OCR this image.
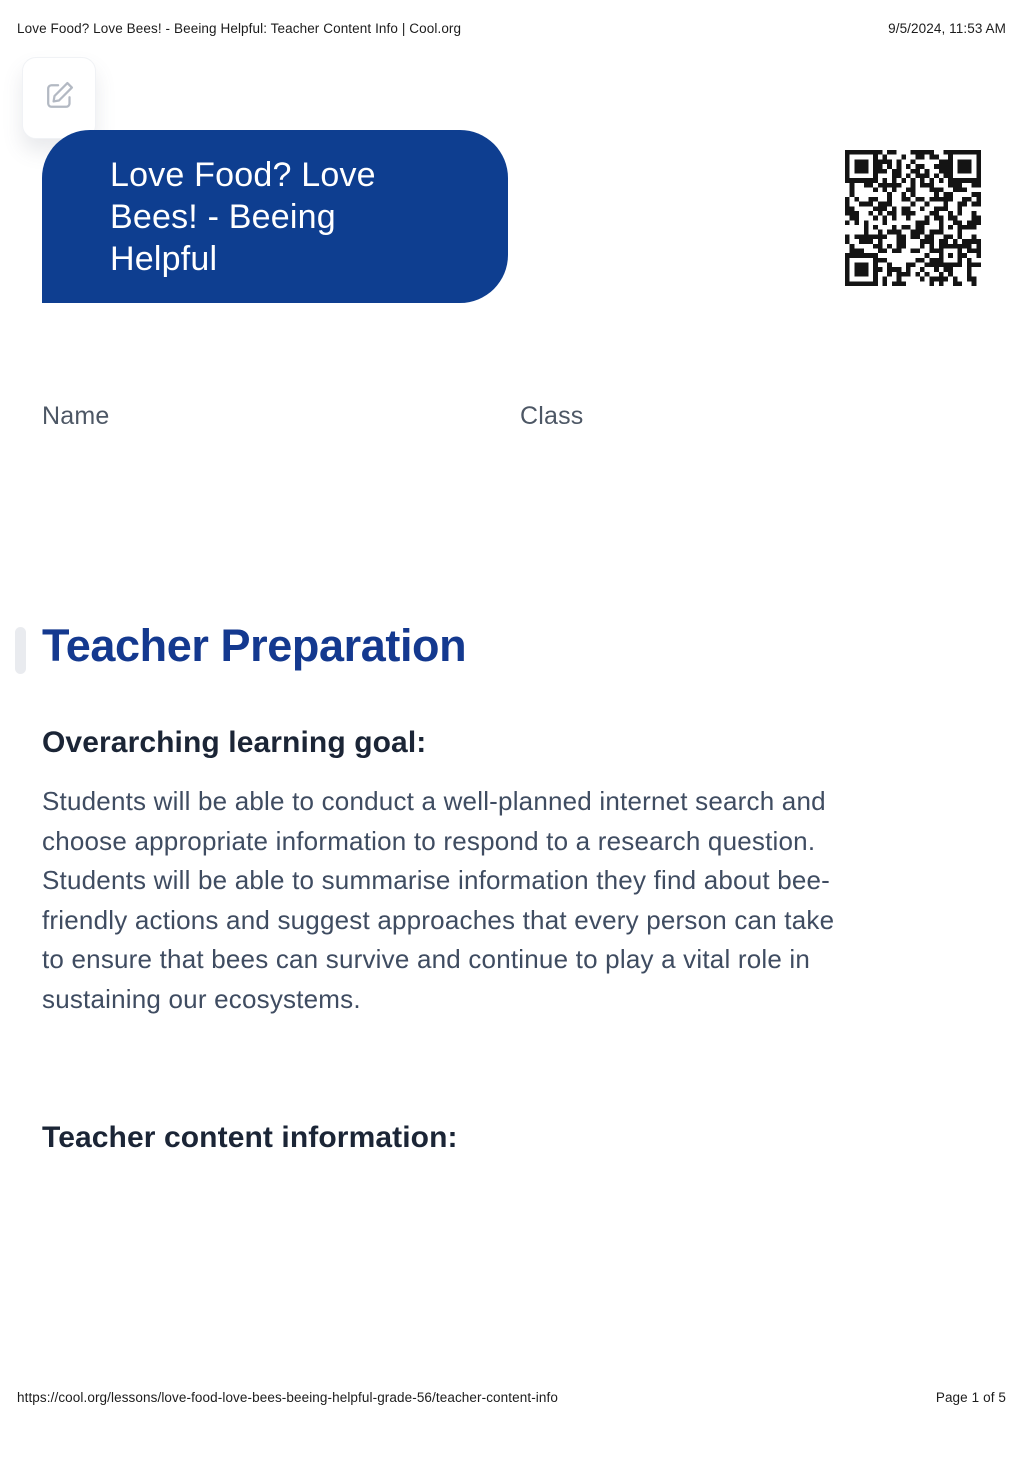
Love Food? Love Bees! - Beeing Helpful: Teacher Content Info | Cool.org	9/5/2024, 11:53 AM
Love Food? Love
Bees! - Beeing
Helpful
Name	Class
Teacher Preparation
Overarching learning goal:
Students will be able to conduct a well-planned internet search and
choose appropriate information to respond to a research question.
Students will be able to summarise information they find about bee-
friendly actions and suggest approaches that every person can take
to ensure that bees can survive and continue to play a vital role in
sustaining our ecosystems.
Teacher content information:
https://cool.org/lessons/love-food-love-bees-beeing-helpful-grade-56/teacher-content-info	Page 1 of 5
